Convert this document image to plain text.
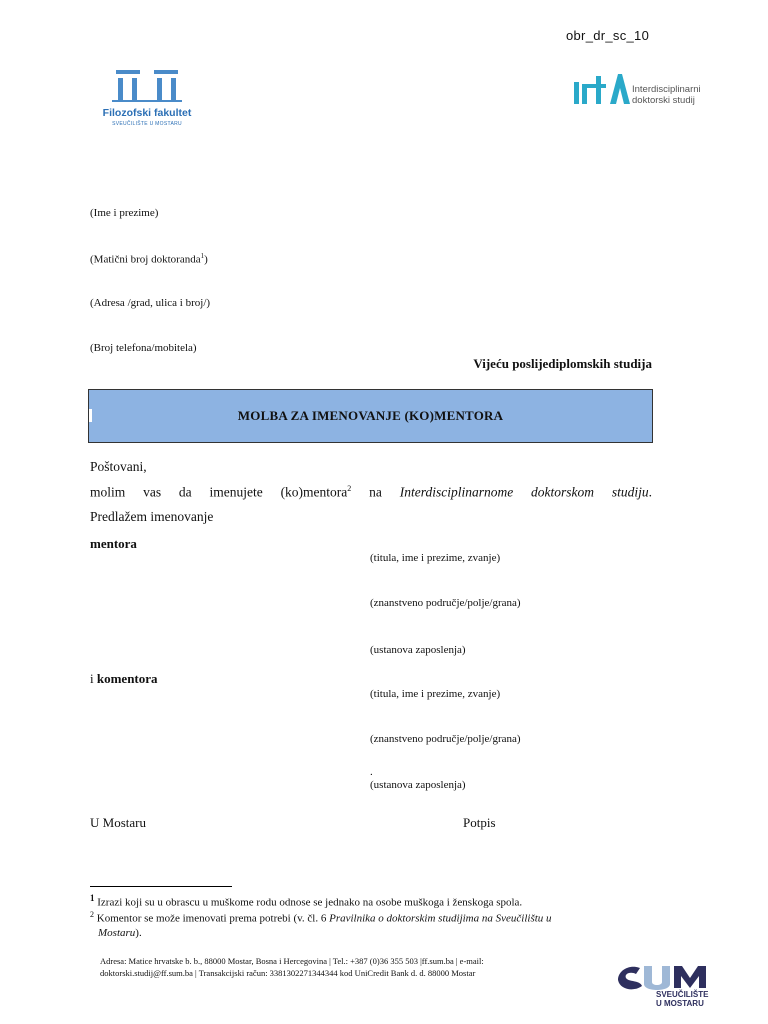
obr_dr_sc_10
Filozofski fakultet
SVEUČILIŠTE U MOSTARU
Interdisciplinarni
doktorski studij
(Ime i prezime)
(Matični broj doktoranda$^1$)
(Adresa /grad, ulica i broj/)
(Broj telefona/mobitela)
Vijeću poslijediplomskih studija
MOLBA ZA IMENOVANJE (KO)MENTORA
Poštovani,
molim vas da imenujete (ko)mentora$^2$ na Interdisciplinarnome doktorskom studiju.
Predlažem imenovanje
mentora
(titula, ime i prezime, zvanje)
(znanstveno područje/polje/grana)
(ustanova zaposlenja)
i komentora
(titula, ime i prezime, zvanje)
(znanstveno područje/polje/grana)
.
(ustanova zaposlenja)
U Mostaru	Potpis
$^1$ Izrazi koji su u obrascu u muškome rodu odnose se jednako na osobe muškoga i ženskoga spola.
$^2$ Komentor se može imenovati prema potrebi (v. čl. 6 Pravilnika o doktorskim studijima na Sveučilištu u
Mostaru).
Adresa: Matice hrvatske b. b., 88000 Mostar, Bosna i Hercegovina | Tel.: +387 (0)36 355 503 |ff.sum.ba | e-mail:
doktorski.studij@ff.sum.ba | Transakcijski račun: 3381302271344344 kod UniCredit Bank d. d. 88000 Mostar
SVEUČILIŠTE
U MOSTARU
